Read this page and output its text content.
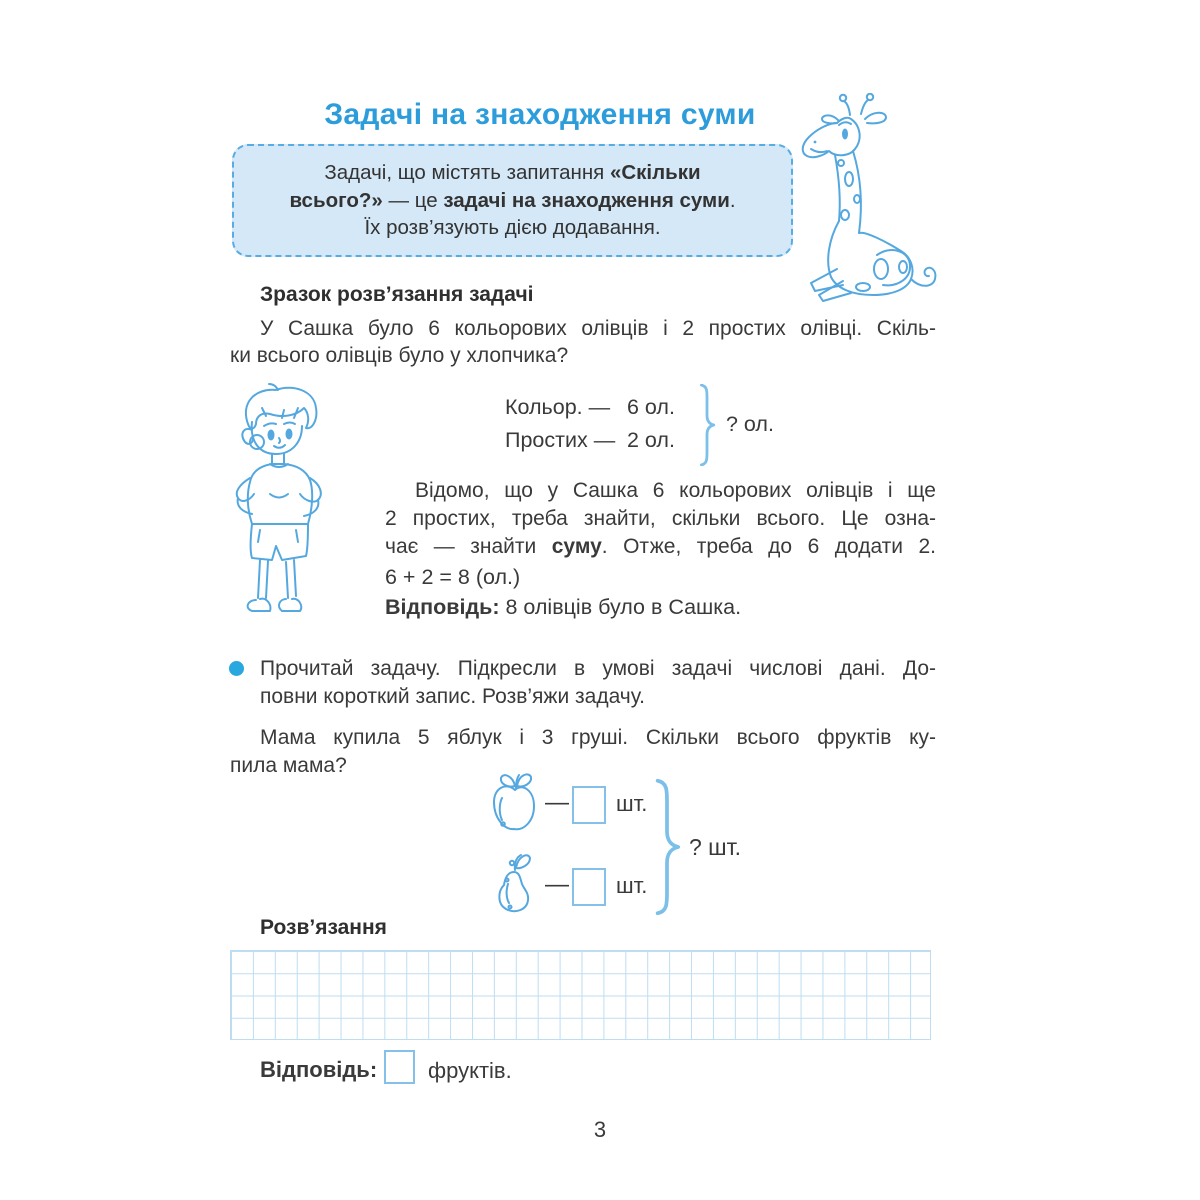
Задачі на знаходження суми
Задачі, що містять запитання «Скільки
всього?» — це задачі на знаходження суми.
Їх розв’язують дією додавання.
Зразок розв’язання задачі
У Сашка було 6 кольорових олівців і 2 простих олівці. Скіль-
ки всього олівців було у хлопчика?
Кольор. — 6 ол.
Простих — 2 ол.
? ол.
Відомо, що у Сашка 6 кольорових олівців і ще
2 простих, треба знайти, скільки всього. Це озна-
чає — знайти суму. Отже, треба до 6 додати 2.
6 + 2 = 8 (ол.)
Відповідь: 8 олівців було в Сашка.
Прочитай задачу. Підкресли в умові задачі числові дані. До-
повни короткий запис. Розв’яжи задачу.
Мама купила 5 яблук і 3 груші. Скільки всього фруктів ку-
пила мама?
— шт.
— шт.
? шт.
Розв’язання
Відповідь: фруктів.
3
